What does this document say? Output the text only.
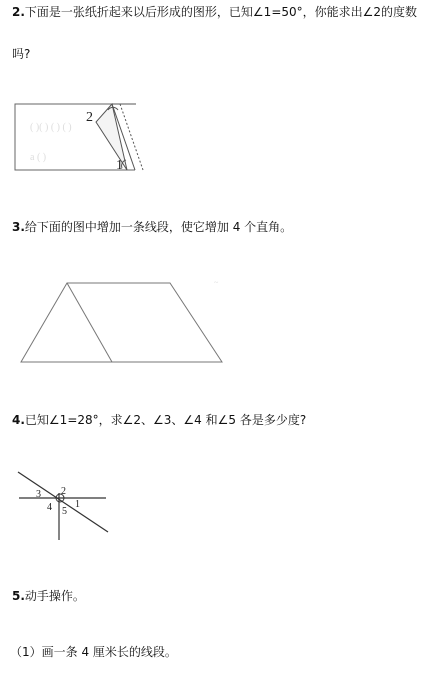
2.下面是一张纸折起来以后形成的图形，已知∠1=50°，你能求出∠2的度数
吗?
( )( ) ( ) ( )
a ( )
2
1
3.给下面的图中增加一条线段，使它增加 4 个直角。
~
4.已知∠1=28°，求∠2、∠3、∠4 和∠5 各是多少度?
3 2
4 5
1
5.动手操作。
（1）画一条 4 厘米长的线段。
